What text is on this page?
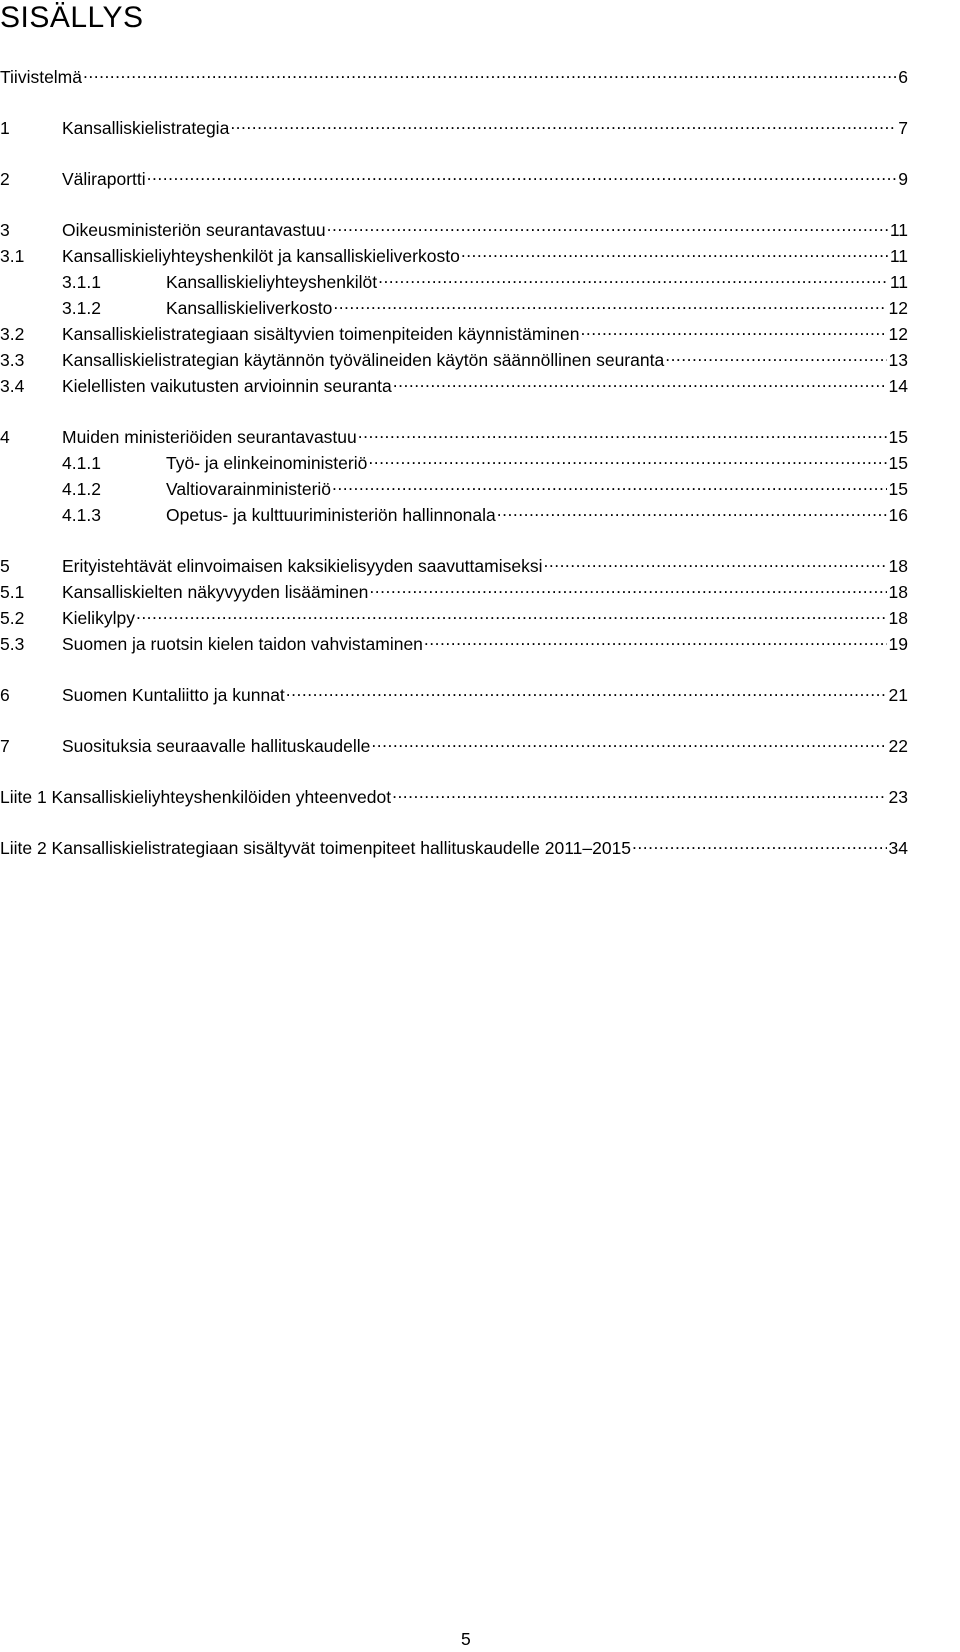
SISÄLLYS
Tiivistelmä .....	6
1	Kansalliskielistrategia .....	7
2	Väliraportti .....	9
3	Oikeusministeriön seurantavastuu .....	11
3.1	Kansalliskieliyhteyshenkilöt ja kansalliskieliverkosto .....	11
3.1.1	Kansalliskieliyhteyshenkilöt .....	11
3.1.2	Kansalliskieliverkosto .....	12
3.2	Kansalliskielistrategiaan sisältyvien toimenpiteiden käynnistäminen .....	12
3.3	Kansalliskielistrategian käytännön työvälineiden käytön säännöllinen seuranta .....	13
3.4	Kielellisten vaikutusten arvioinnin seuranta .....	14
4	Muiden ministeriöiden seurantavastuu .....	15
4.1.1	Työ- ja elinkeinoministeriö .....	15
4.1.2	Valtiovarainministeriö .....	15
4.1.3	Opetus- ja kulttuuriministeriön hallinnonala .....	16
5	Erityistehtävät elinvoimaisen kaksikielisyyden saavuttamiseksi .....	18
5.1	Kansalliskielten näkyvyyden lisääminen .....	18
5.2	Kielikylpy .....	18
5.3	Suomen ja ruotsin kielen taidon vahvistaminen .....	19
6	Suomen Kuntaliitto ja kunnat .....	21
7	Suosituksia seuraavalle hallituskaudelle .....	22
Liite 1 Kansalliskieliyhteyshenkilöiden yhteenvedot .....	23
Liite 2 Kansalliskielistrategiaan sisältyvät toimenpiteet hallituskaudelle 2011–2015 .....	34
5
